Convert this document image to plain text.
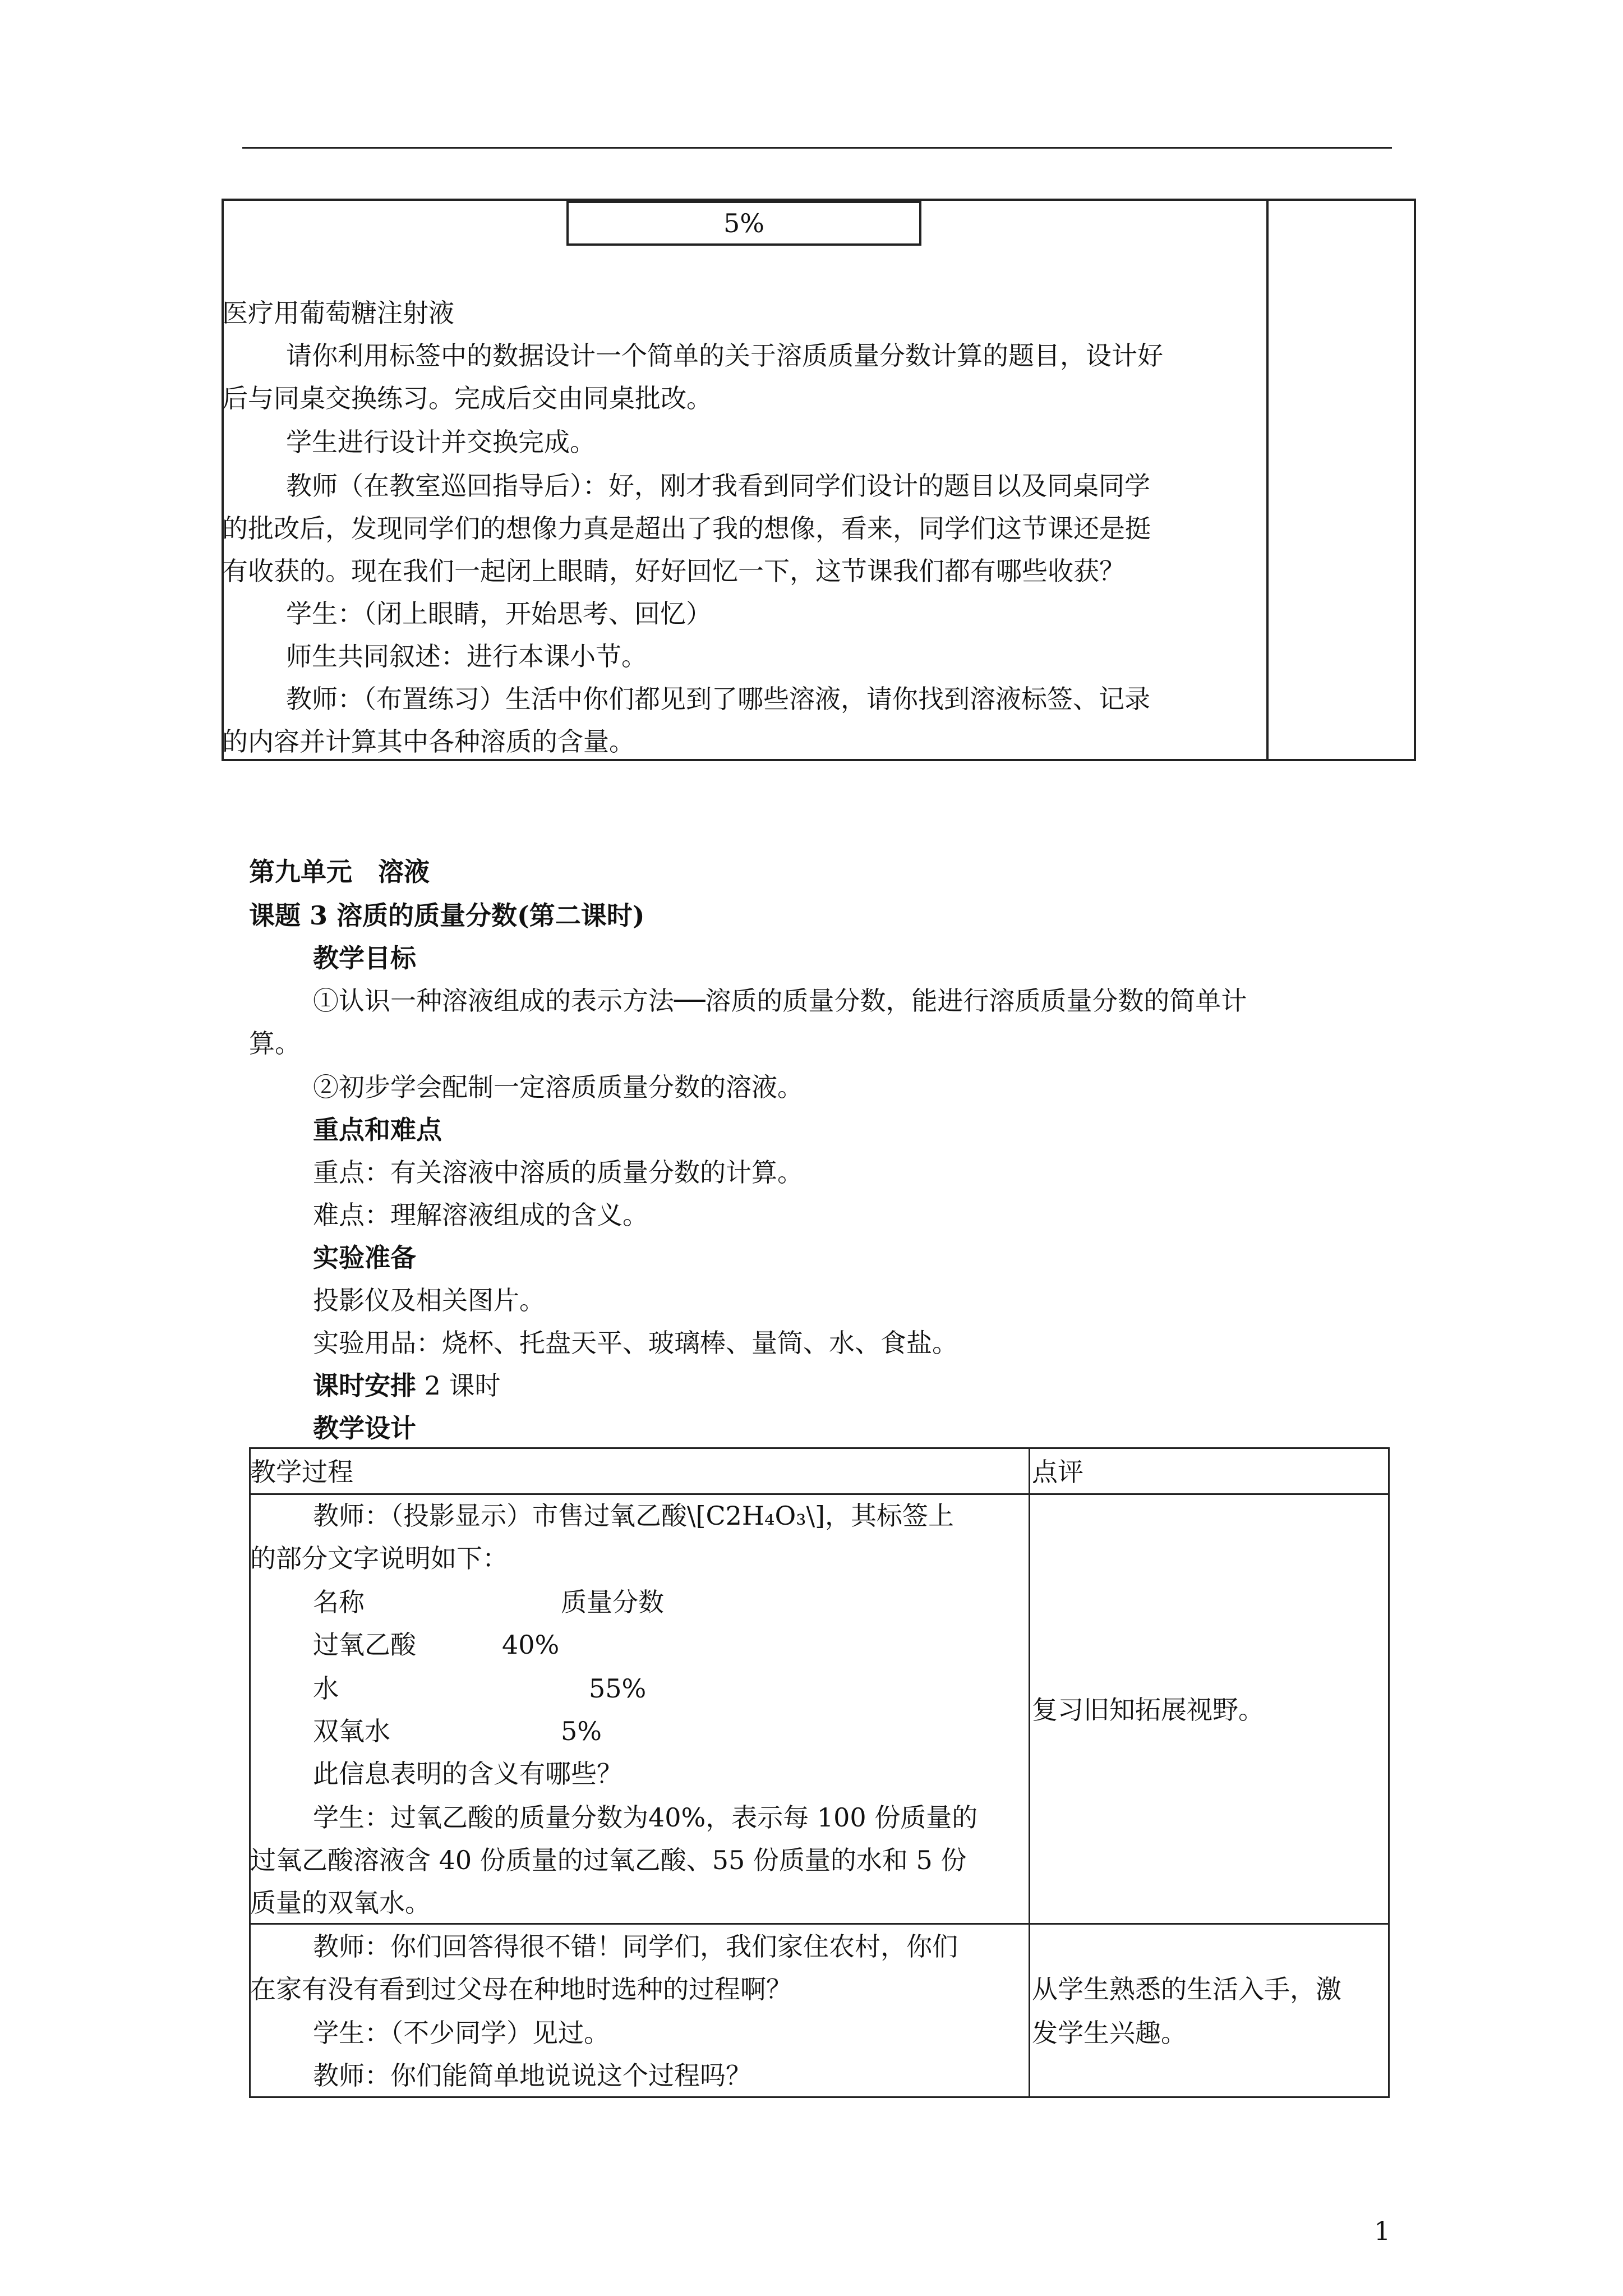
5%
医疗用葡萄糖注射液
请你利用标签中的数据设计一个简单的关于溶质质量分数计算的题目，设计好
后与同桌交换练习。完成后交由同桌批改。
学生进行设计并交换完成。
教师（在教室巡回指导后）：好，刚才我看到同学们设计的题目以及同桌同学
的批改后，发现同学们的想像力真是超出了我的想像，看来，同学们这节课还是挺
有收获的。现在我们一起闭上眼睛，好好回忆一下，这节课我们都有哪些收获？
学生：（闭上眼睛，开始思考、回忆）
师生共同叙述：进行本课小节。
教师：（布置练习）生活中你们都见到了哪些溶液，请你找到溶液标签、记录
的内容并计算其中各种溶质的含量。
第九单元　溶液
课题 3 溶质的质量分数(第二课时)
教学目标
①认识一种溶液组成的表示方法──溶质的质量分数，能进行溶质质量分数的简单计
算。
②初步学会配制一定溶质质量分数的溶液。
重点和难点
重点：有关溶液中溶质的质量分数的计算。
难点：理解溶液组成的含义。
实验准备
投影仪及相关图片。
实验用品：烧杯、托盘天平、玻璃棒、量筒、水、食盐。
课时安排 2 课时
教学设计
教学过程	点评
教师：（投影显示）市售过氧乙酸\[C2H₄O₃\]，其标签上
的部分文字说明如下：
名称	质量分数
过氧乙酸	40%
水	55%
双氧水	5%
此信息表明的含义有哪些？
学生：过氧乙酸的质量分数为40%，表示每 100 份质量的
过氧乙酸溶液含 40 份质量的过氧乙酸、55 份质量的水和 5 份
质量的双氧水。
复习旧知拓展视野。
教师：你们回答得很不错！同学们，我们家住农村，你们
在家有没有看到过父母在种地时选种的过程啊？
学生：（不少同学）见过。
教师：你们能简单地说说这个过程吗？
从学生熟悉的生活入手，激
发学生兴趣。
1
